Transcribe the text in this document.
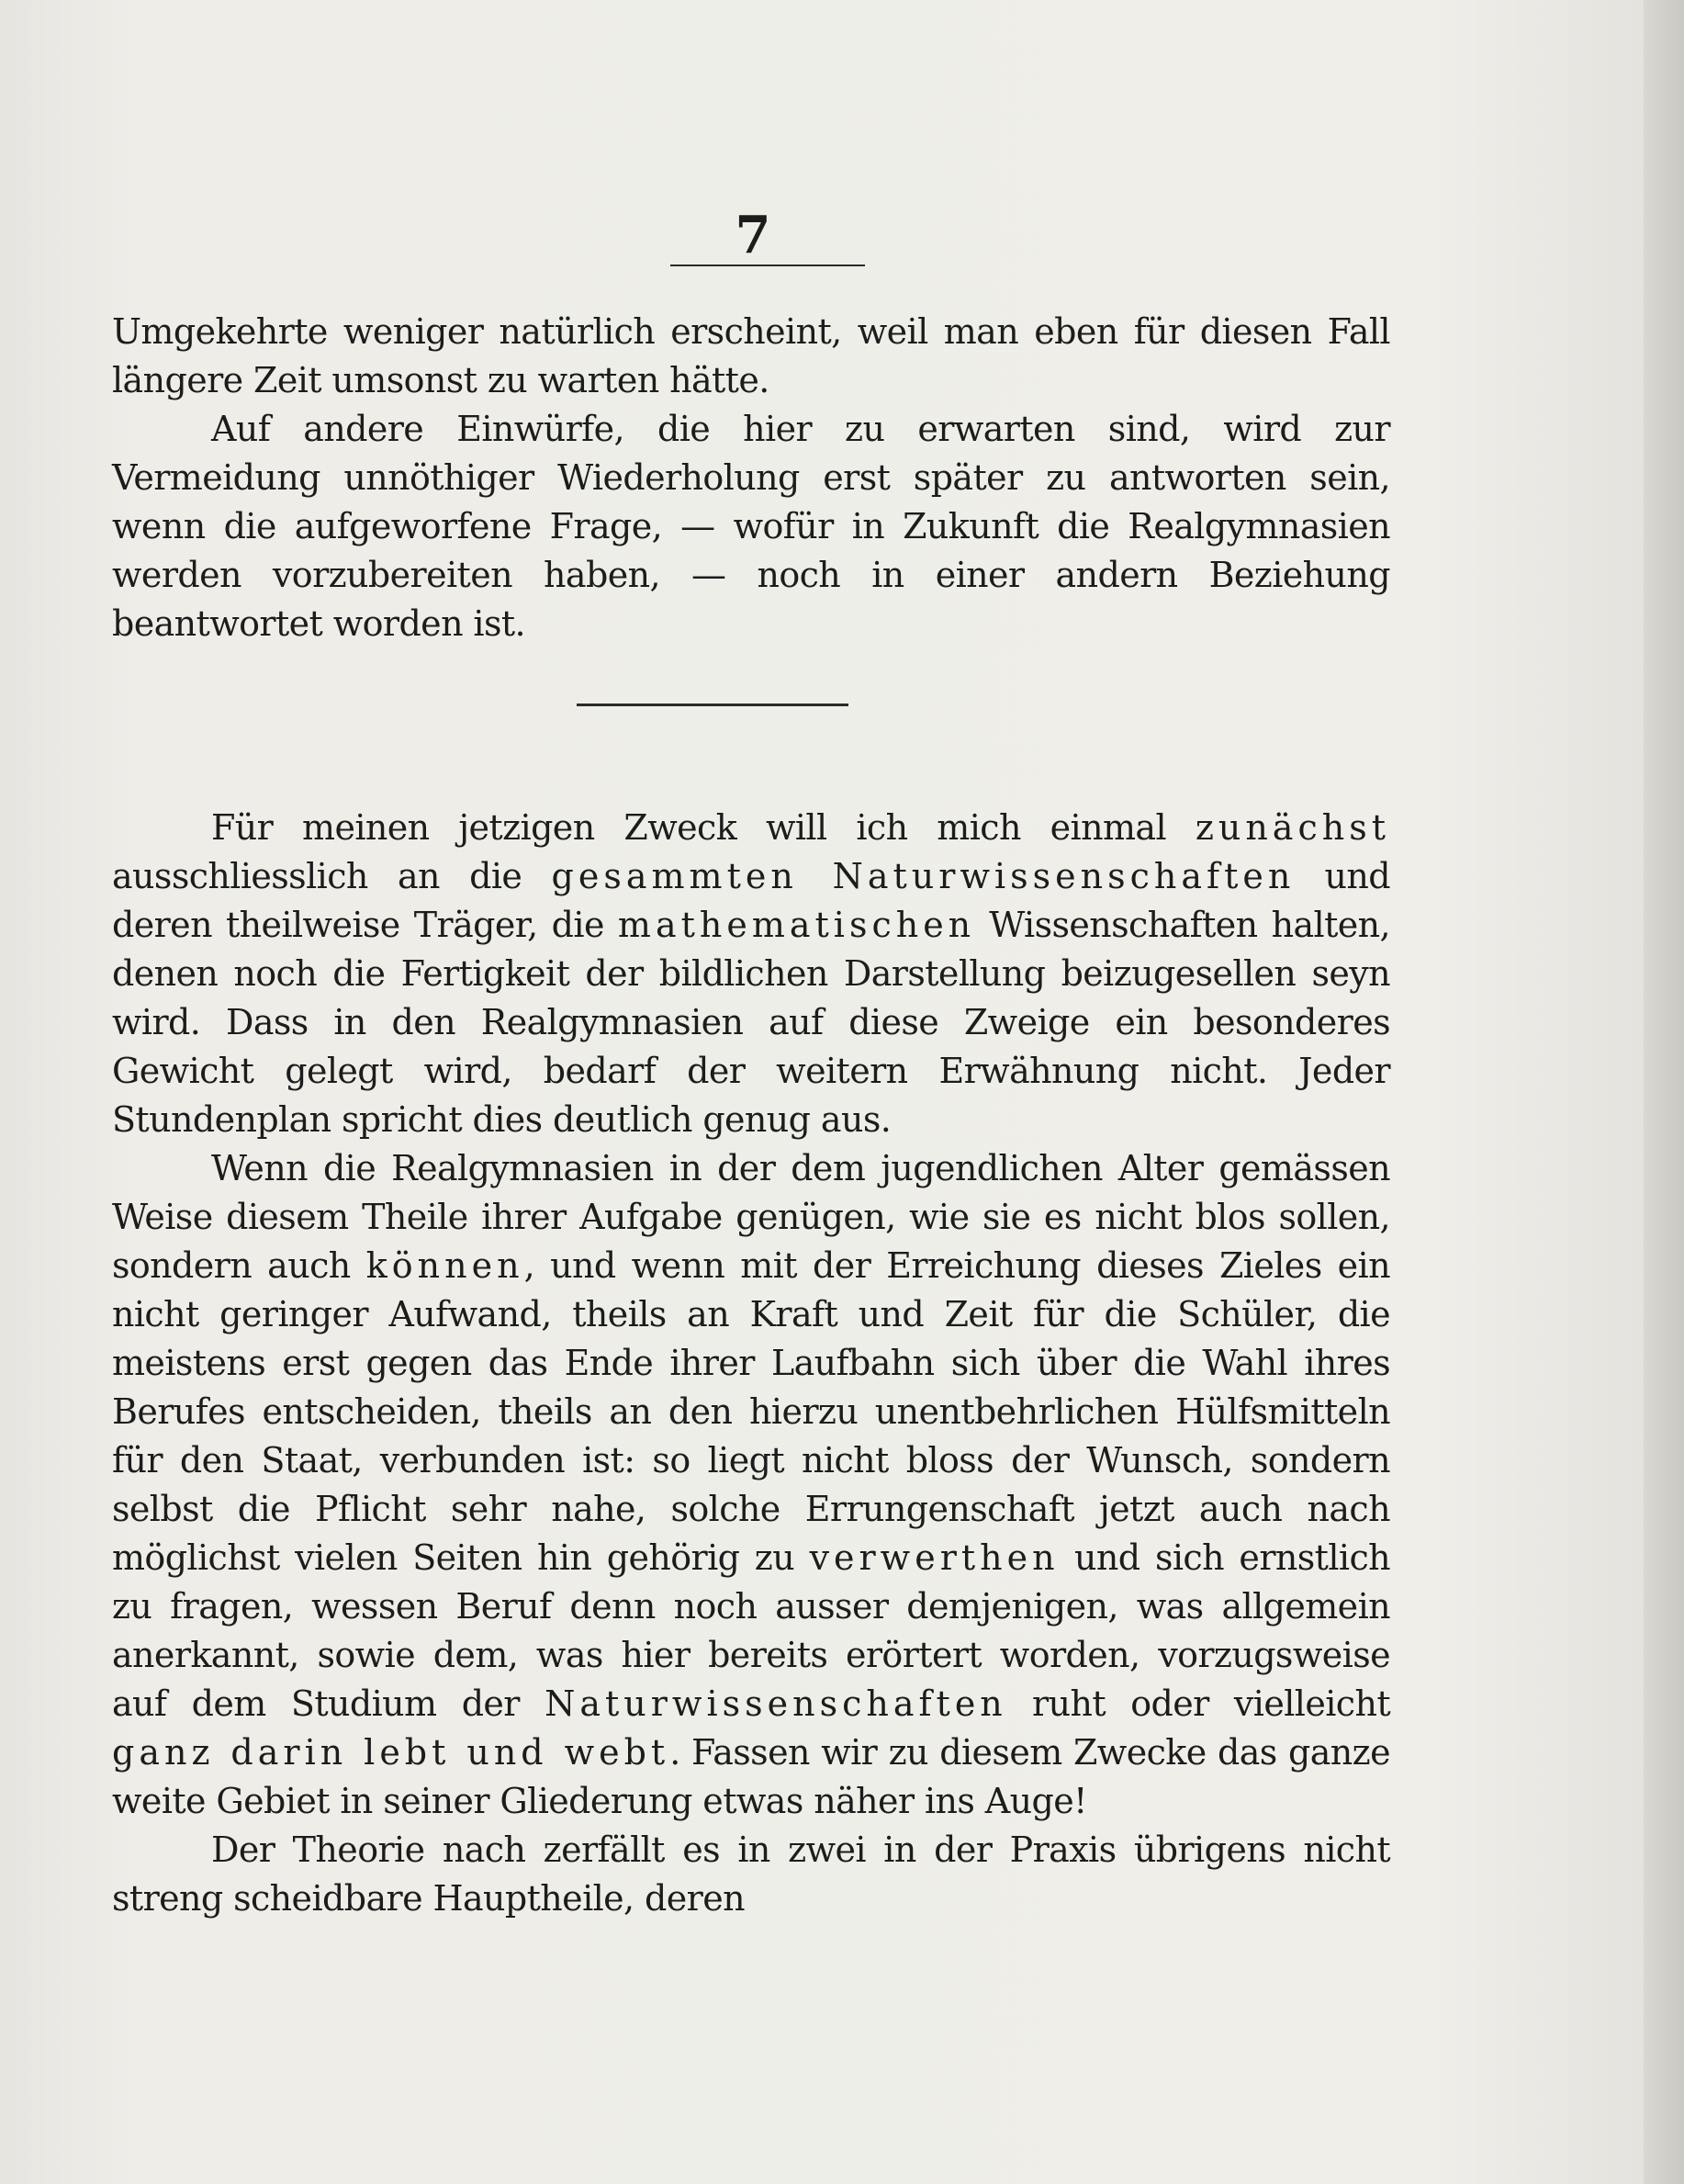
7

Umgekehrte weniger natürlich erscheint, weil man eben für diesen Fall längere Zeit umsonst zu warten hätte.

Auf andere Einwürfe, die hier zu erwarten sind, wird zur Vermeidung unnöthiger Wiederholung erst später zu antworten sein, wenn die aufgeworfene Frage, — wofür in Zukunft die Realgymnasien werden vorzubereiten haben, — noch in einer andern Beziehung beantwortet worden ist.

Für meinen jetzigen Zweck will ich mich einmal zunächst ausschliesslich an die gesammten Naturwissenschaften und deren theilweise Träger, die mathematischen Wissenschaften halten, denen noch die Fertigkeit der bildlichen Darstellung beizugesellen seyn wird. Dass in den Realgymnasien auf diese Zweige ein besonderes Gewicht gelegt wird, bedarf der weitern Erwähnung nicht. Jeder Stundenplan spricht dies deutlich genug aus.

Wenn die Realgymnasien in der dem jugendlichen Alter gemässen Weise diesem Theile ihrer Aufgabe genügen, wie sie es nicht blos sollen, sondern auch können, und wenn mit der Erreichung dieses Zieles ein nicht geringer Aufwand, theils an Kraft und Zeit für die Schüler, die meistens erst gegen das Ende ihrer Laufbahn sich über die Wahl ihres Berufes entscheiden, theils an den hierzu unentbehrlichen Hülfsmitteln für den Staat, verbunden ist: so liegt nicht bloss der Wunsch, sondern selbst die Pflicht sehr nahe, solche Errungenschaft jetzt auch nach möglichst vielen Seiten hin gehörig zu verwerthen und sich ernstlich zu fragen, wessen Beruf denn noch ausser demjenigen, was allgemein anerkannt, sowie dem, was hier bereits erörtert worden, vorzugsweise auf dem Studium der Naturwissenschaften ruht oder vielleicht ganz darin lebt und webt. Fassen wir zu diesem Zwecke das ganze weite Gebiet in seiner Gliederung etwas näher ins Auge!

Der Theorie nach zerfällt es in zwei in der Praxis übrigens nicht streng scheidbare Hauptheile, deren
